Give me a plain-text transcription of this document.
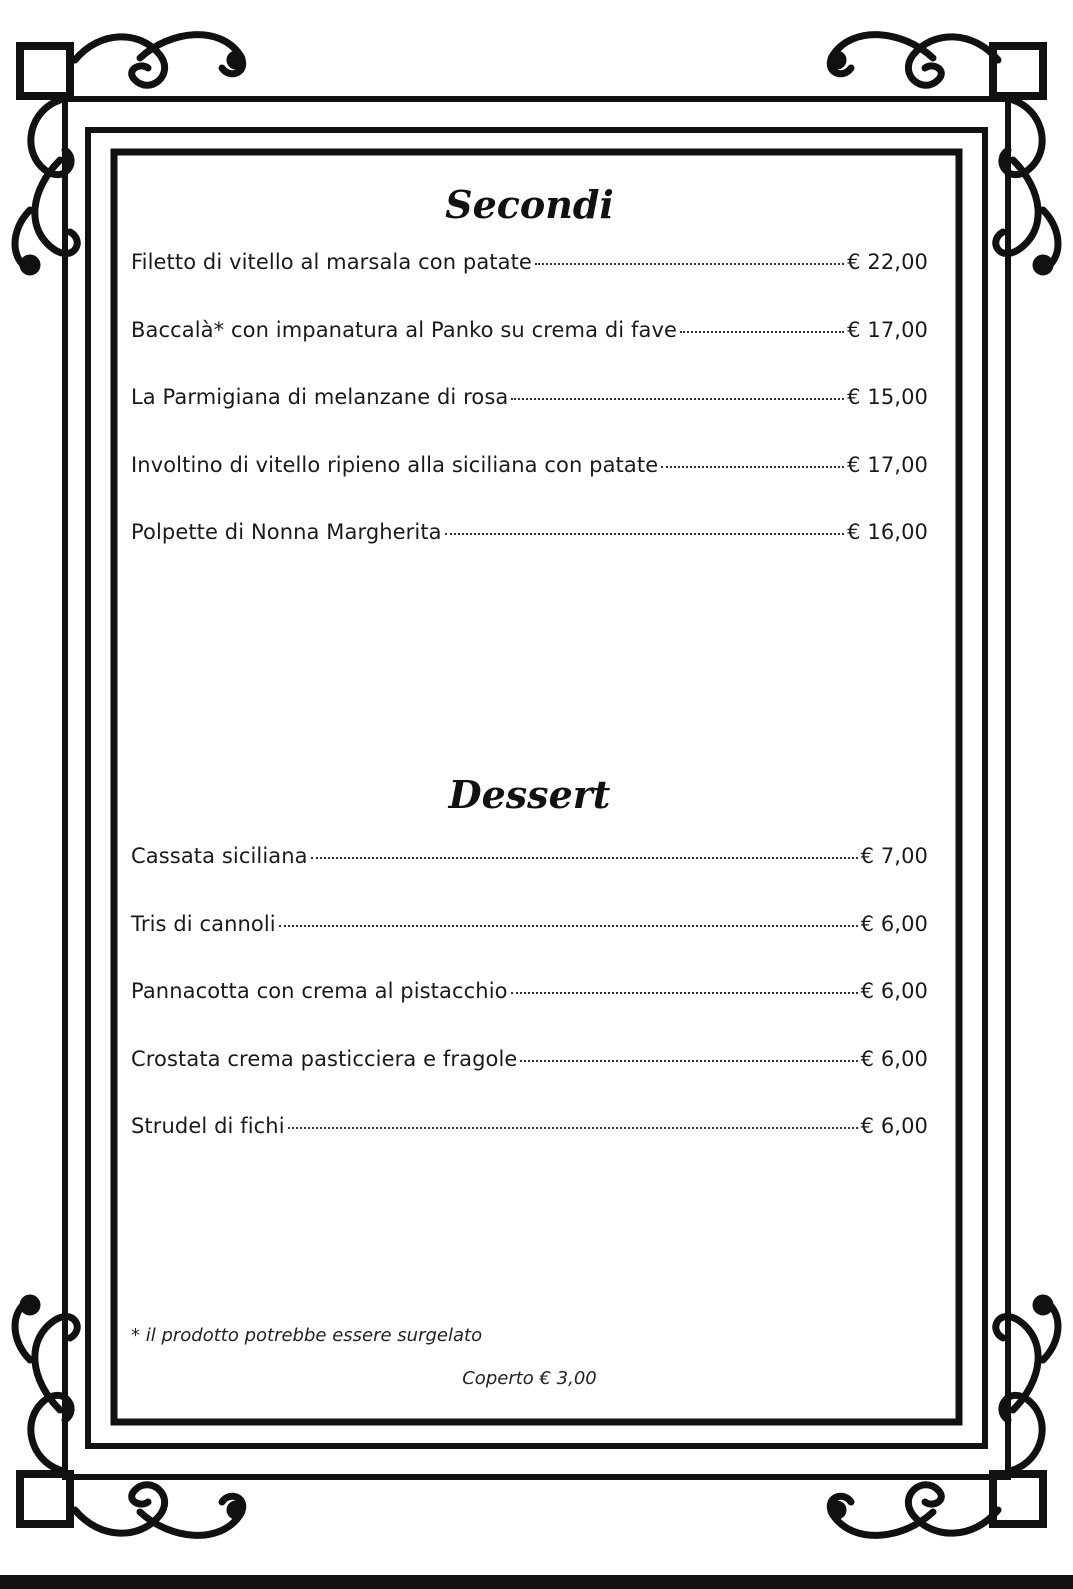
Secondi
Filetto di vitello al marsala con patate	€ 22,00
Baccalà* con impanatura al Panko su crema di fave	€ 17,00
La Parmigiana di melanzane di rosa	€ 15,00
Involtino di vitello ripieno alla siciliana con patate	€ 17,00
Polpette di Nonna Margherita	€ 16,00
Dessert
Cassata siciliana	€ 7,00
Tris di cannoli	€ 6,00
Pannacotta con crema al pistacchio	€ 6,00
Crostata crema pasticciera e fragole	€ 6,00
Strudel di fichi	€ 6,00
* il prodotto potrebbe essere surgelato
Coperto € 3,00
